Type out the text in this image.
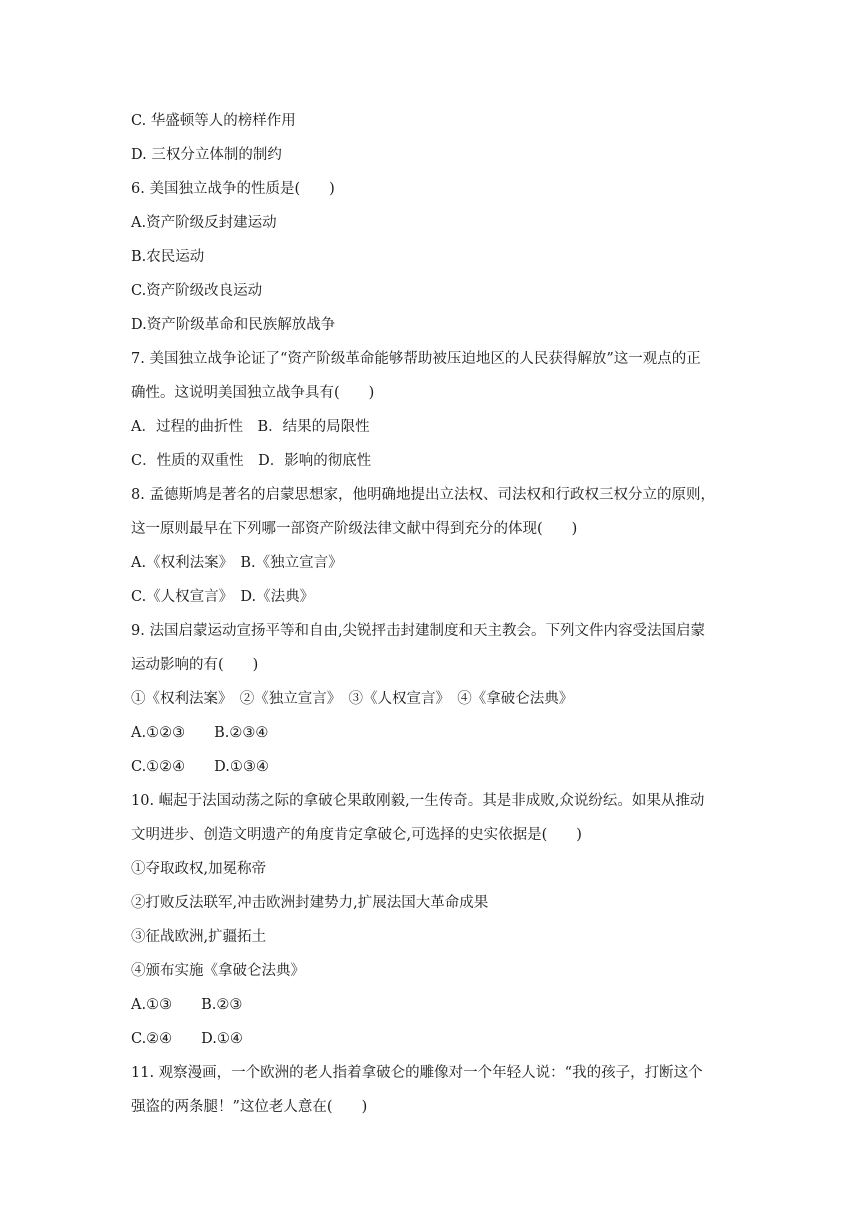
C. 华盛顿等人的榜样作用
D. 三权分立体制的制约
6. 美国独立战争的性质是(　　)
A.资产阶级反封建运动
B.农民运动
C.资产阶级改良运动
D.资产阶级革命和民族解放战争
7. 美国独立战争论证了“资产阶级革命能够帮助被压迫地区的人民获得解放”这一观点的正
确性。这说明美国独立战争具有(　　)
A．过程的曲折性　B．结果的局限性
C．性质的双重性　D．影响的彻底性
8. 孟德斯鸠是著名的启蒙思想家，他明确地提出立法权、司法权和行政权三权分立的原则，
这一原则最早在下列哪一部资产阶级法律文献中得到充分的体现(　　)
A.《权利法案》　B.《独立宣言》
C.《人权宣言》　D.《法典》
9. 法国启蒙运动宣扬平等和自由,尖锐抨击封建制度和天主教会。下列文件内容受法国启蒙
运动影响的有(　　)
①《权利法案》　②《独立宣言》　③《人权宣言》　④《拿破仑法典》
A.①②③　　B.②③④
C.①②④　　D.①③④
10. 崛起于法国动荡之际的拿破仑果敢刚毅,一生传奇。其是非成败,众说纷纭。如果从推动
文明进步、创造文明遗产的角度肯定拿破仑,可选择的史实依据是(　　)
①夺取政权,加冕称帝
②打败反法联军,冲击欧洲封建势力,扩展法国大革命成果
③征战欧洲,扩疆拓土
④颁布实施《拿破仑法典》
A.①③　　B.②③
C.②④　　D.①④
11. 观察漫画，一个欧洲的老人指着拿破仑的雕像对一个年轻人说：“我的孩子，打断这个
强盗的两条腿！”这位老人意在(　　)
